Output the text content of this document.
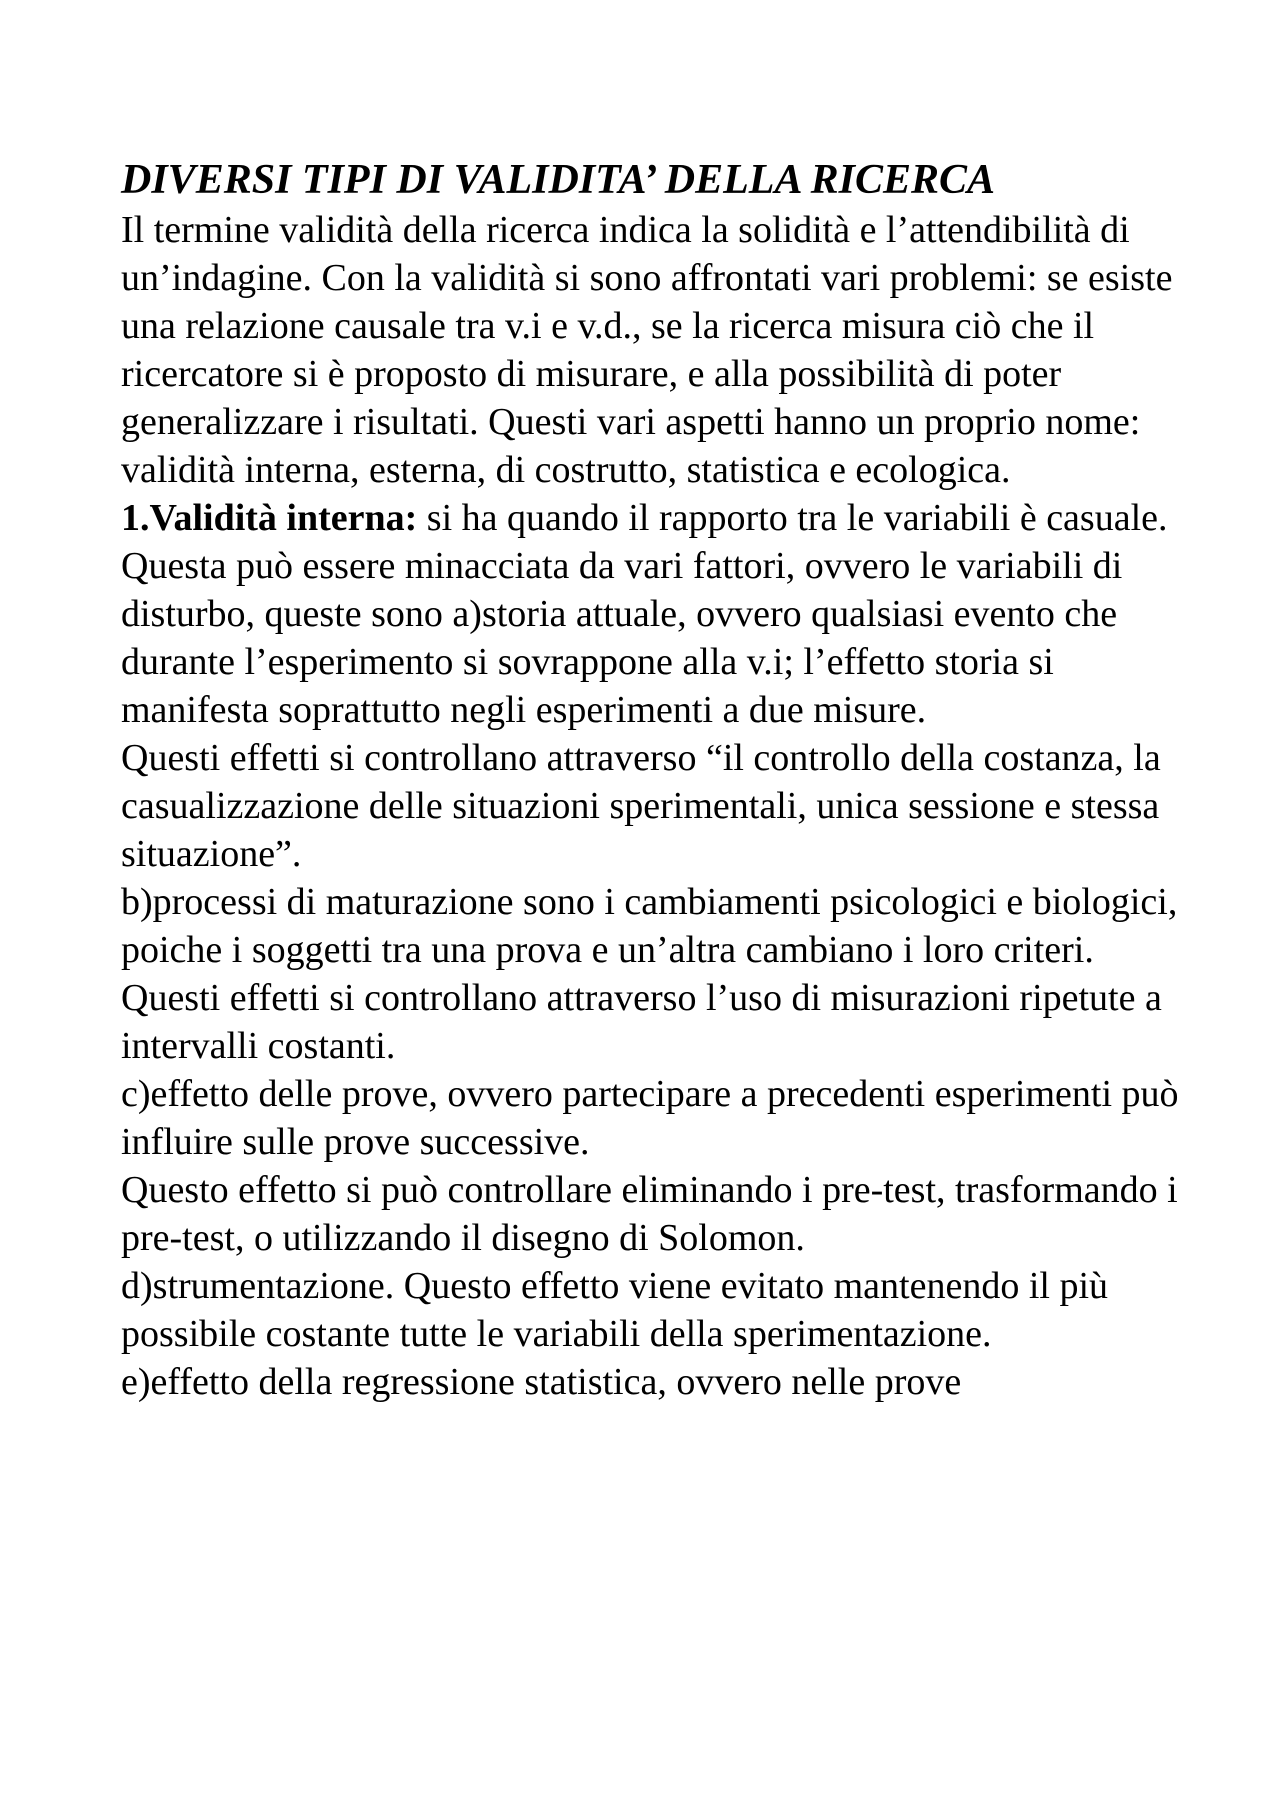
DIVERSI TIPI DI VALIDITA’ DELLA RICERCA

Il termine validità della ricerca indica la solidità e l’attendibilità di un’indagine. Con la validità si sono affrontati vari problemi: se esiste una relazione causale tra v.i e v.d., se la ricerca misura ciò che il ricercatore si è proposto di misurare, e alla possibilità di poter generalizzare i risultati. Questi vari aspetti hanno un proprio nome: validità interna, esterna, di costrutto, statistica e ecologica.

1.Validità interna: si ha quando il rapporto tra le variabili è casuale. Questa può essere minacciata da vari fattori, ovvero le variabili di disturbo, queste sono a)storia attuale, ovvero qualsiasi evento che durante l’esperimento si sovrappone alla v.i; l’effetto storia si manifesta soprattutto negli esperimenti a due misure.

Questi effetti si controllano attraverso “il controllo della costanza, la casualizzazione delle situazioni sperimentali, unica sessione e stessa situazione”.

b)processi di maturazione sono i cambiamenti psicologici e biologici, poiche i soggetti tra una prova e un’altra cambiano i loro criteri.

Questi effetti si controllano attraverso l’uso di misurazioni ripetute a intervalli costanti.

c)effetto delle prove, ovvero partecipare a precedenti esperimenti può influire sulle prove successive.

Questo effetto si può controllare eliminando i pre-test, trasformando i pre-test, o utilizzando il disegno di Solomon.

d)strumentazione. Questo effetto viene evitato mantenendo il più possibile costante tutte le variabili della sperimentazione.

e)effetto della regressione statistica, ovvero nelle prove
